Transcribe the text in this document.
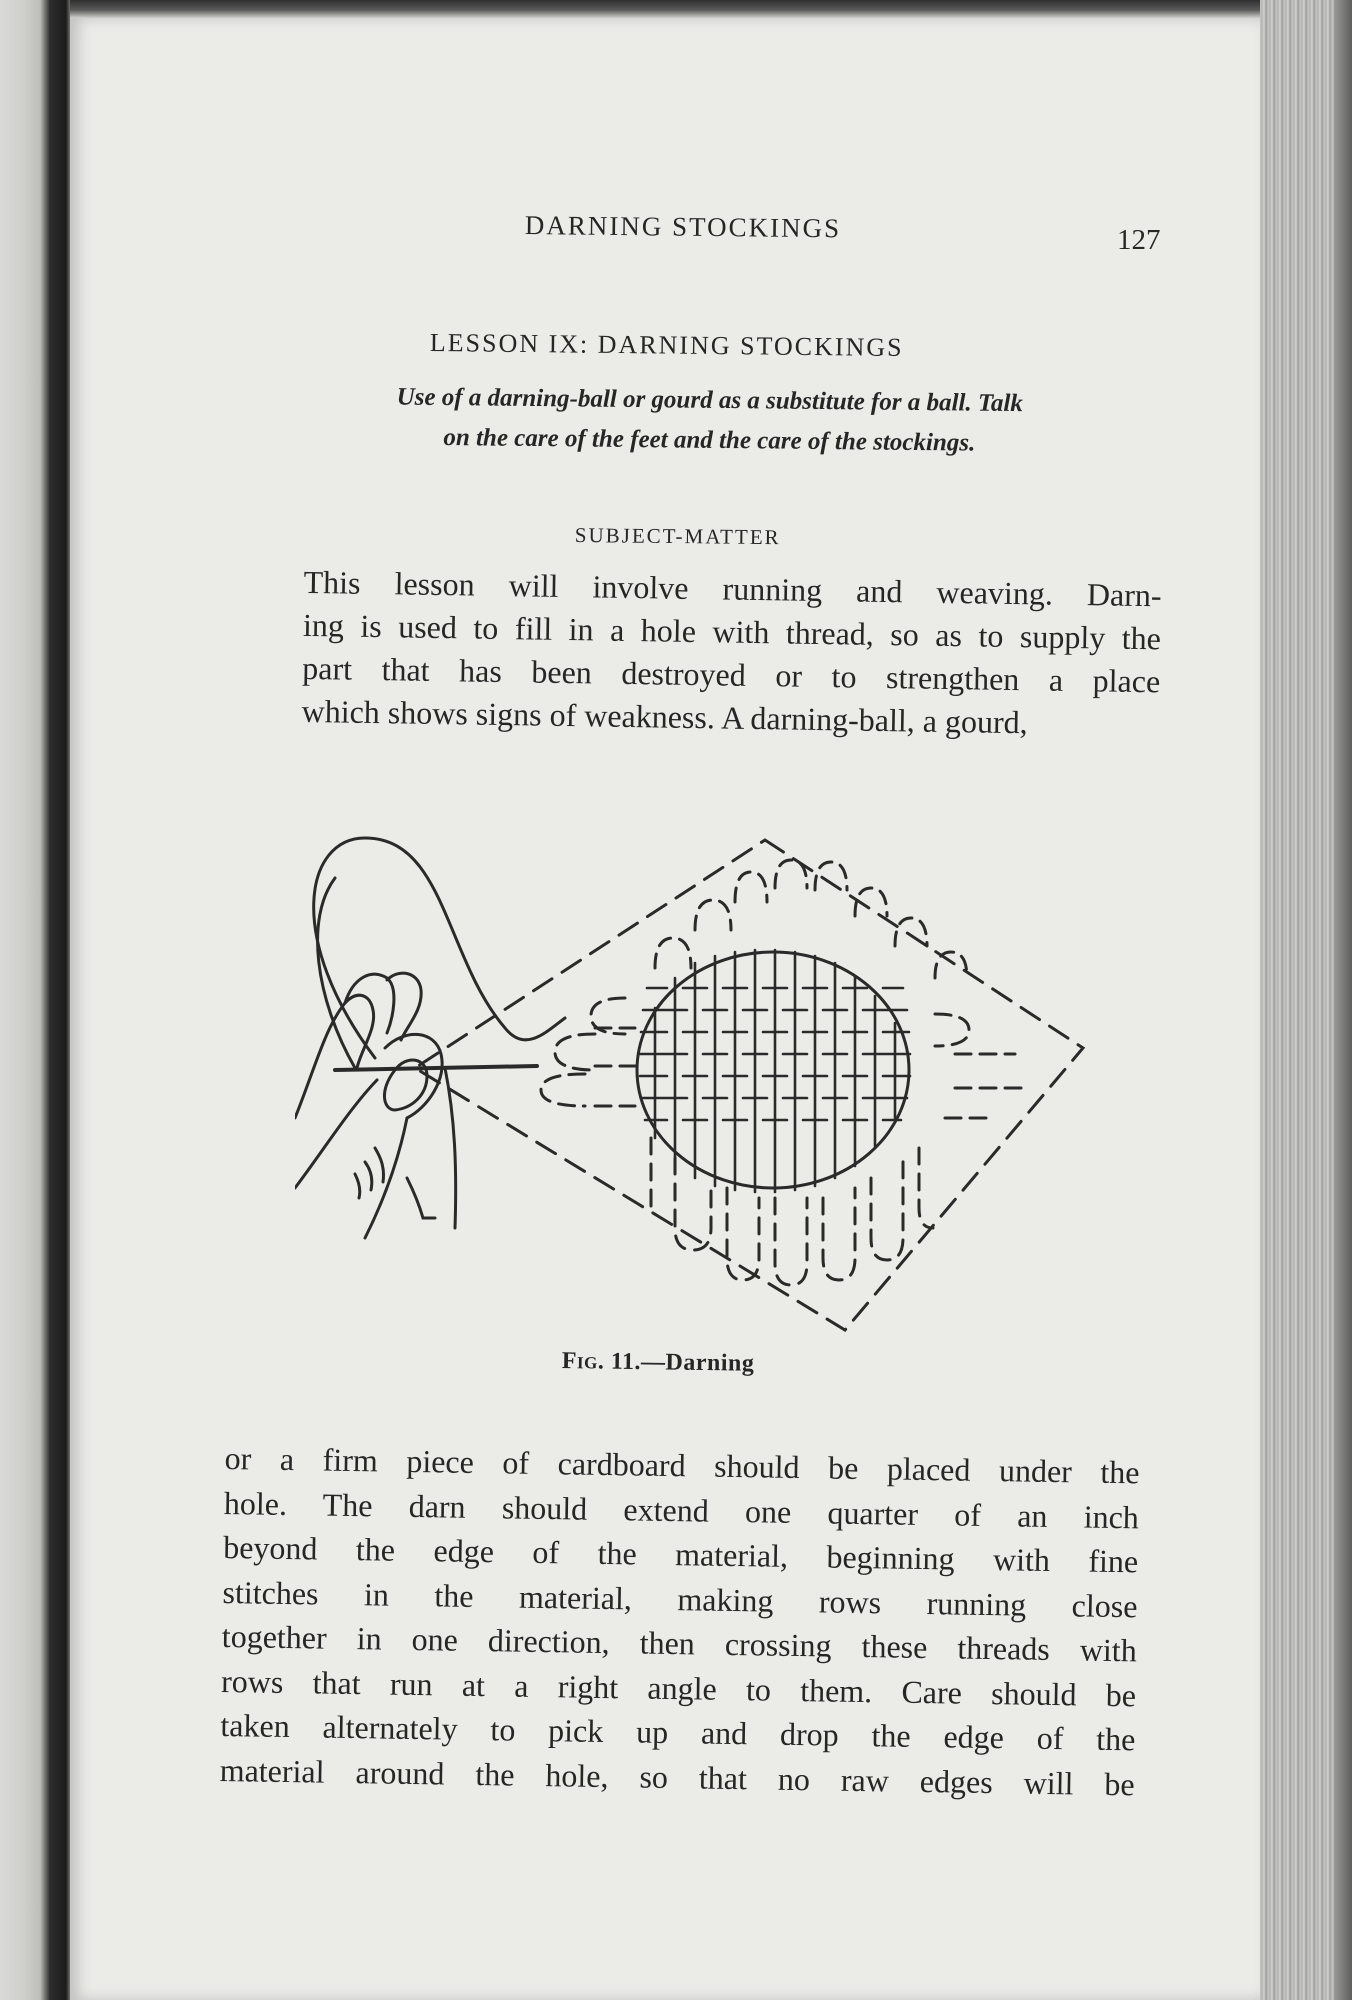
DARNING STOCKINGS	127
LESSON IX: DARNING STOCKINGS
Use of a darning-ball or gourd as a substitute for a ball. Talk
on the care of the feet and the care of the stockings.
SUBJECT-MATTER
This lesson will involve running and weaving. Darn-
ing is used to fill in a hole with thread, so as to supply the
part that has been destroyed or to strengthen a place
which shows signs of weakness. A darning-ball, a gourd,
Fig. 11.—Darning
or a firm piece of cardboard should be placed under the
hole. The darn should extend one quarter of an inch
beyond the edge of the material, beginning with fine
stitches in the material, making rows running close
together in one direction, then crossing these threads with
rows that run at a right angle to them. Care should be
taken alternately to pick up and drop the edge of the
material around the hole, so that no raw edges will be
